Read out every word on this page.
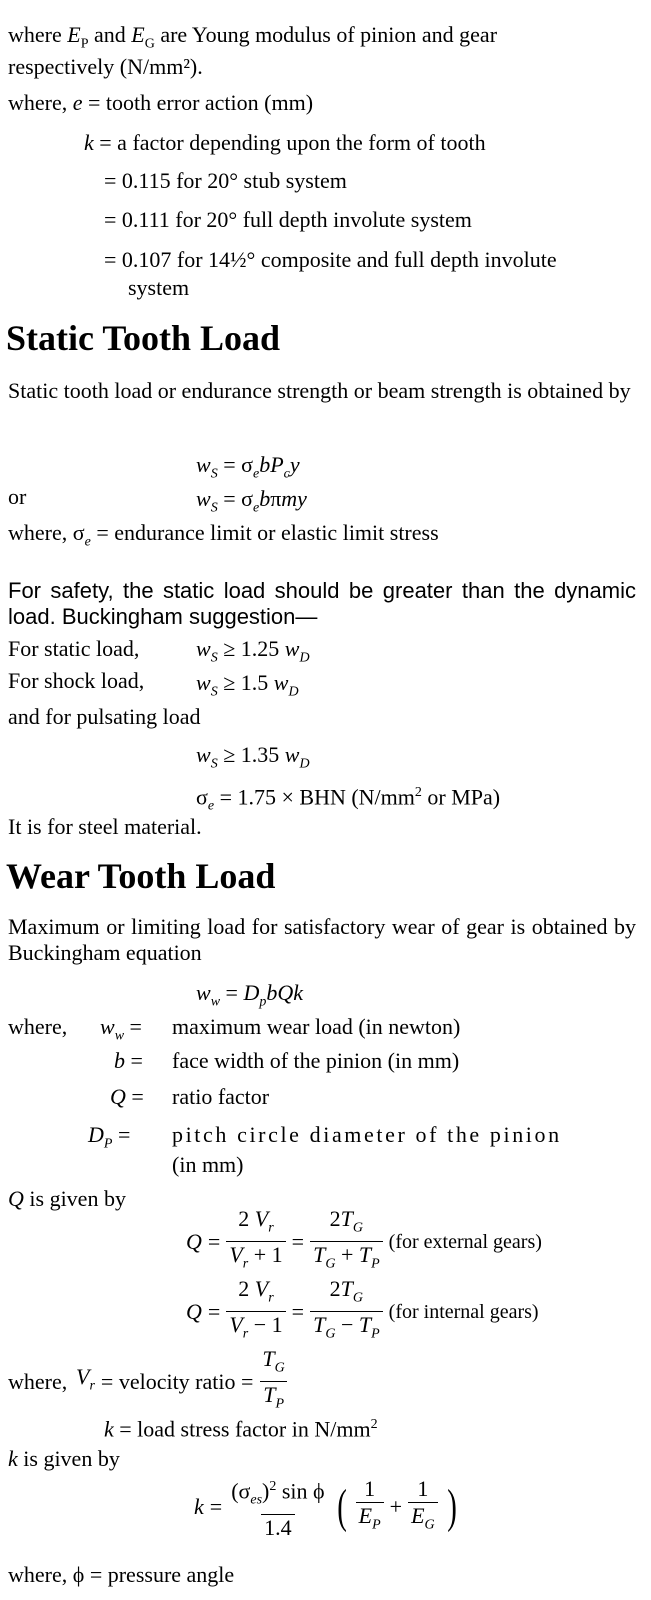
where $E_P$ and $E_G$ are Young modulus of pinion and gear
respectively (N/mm²).
where, e = tooth error action (mm)
k = a factor depending upon the form of tooth
= 0.115 for 20° stub system
= 0.111 for 20° full depth involute system
= 0.107 for 14½° composite and full depth involute
system
Static Tooth Load
Static tooth load or endurance strength or beam strength is obtained by
$w_S = \sigma_ebP_cy$
or	$w_S = \sigma_eb\pi my$
where, $\sigma_e$ = endurance limit or elastic limit stress
For safety, the static load should be greater than the dynamic load. Buckingham suggestion—
For static load,	$w_S \ge 1.25$ $w_D$
For shock load, $w_S \ge 1.5$ $w_D$
and for pulsating load
$w_S \ge 1.35$ $w_D$
$\sigma_e = 1.75$ × BHN ($N/mm^2$ or MPa)
It is for steel material.
Wear Tooth Load
Maximum or limiting load for satisfactory wear of gear is obtained by Buckingham equation
$w_w = D_pbQk$
where, $w_w$ = maximum wear load (in newton)
b = face width of the pinion (in mm)
Q = ratio factor
$D_P$ = pitch circle diameter of the pinion
(in mm)
Q is given by
$Q = \frac{2 V_r}{V_r + 1} = \frac{2T_G}{T_G + T_P} (for$ external gears)
$Q = \frac{2 V_r}{V_r - 1} = \frac{2T_G}{T_G - T_P} (for$ internal gears)
where, $V_r$ = velocity ratio = $\frac{T_G}{T_P}$
k = load stress factor in $N/mm^2$
k is given by
$k = \frac{(\sigma_{es})^2 \sin \phi}{1.4}$ ( $\frac{1}{E_P} + \frac{1}{E_G}$ )
where, ϕ = pressure angle
